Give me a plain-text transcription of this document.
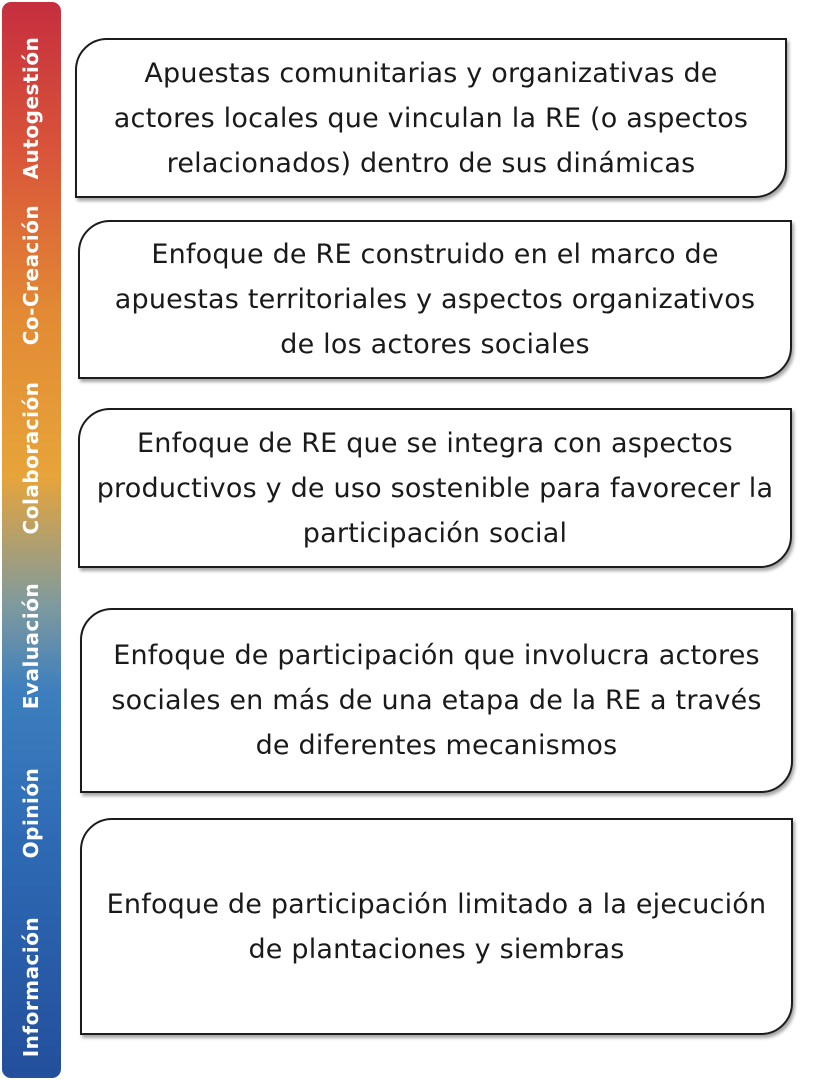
Autogestión
Co-Creación
Colaboración
Evaluación
Opinión
Información
Apuestas comunitarias y organizativas de actores locales que vinculan la RE (o aspectos relacionados) dentro de sus dinámicas
Enfoque de RE construido en el marco de apuestas territoriales y aspectos organizativos de los actores sociales
Enfoque de RE que se integra con aspectos productivos y de uso sostenible para favorecer la participación social
Enfoque de participación que involucra actores sociales en más de una etapa de la RE a través de diferentes mecanismos
Enfoque de participación limitado a la ejecución de plantaciones y siembras
